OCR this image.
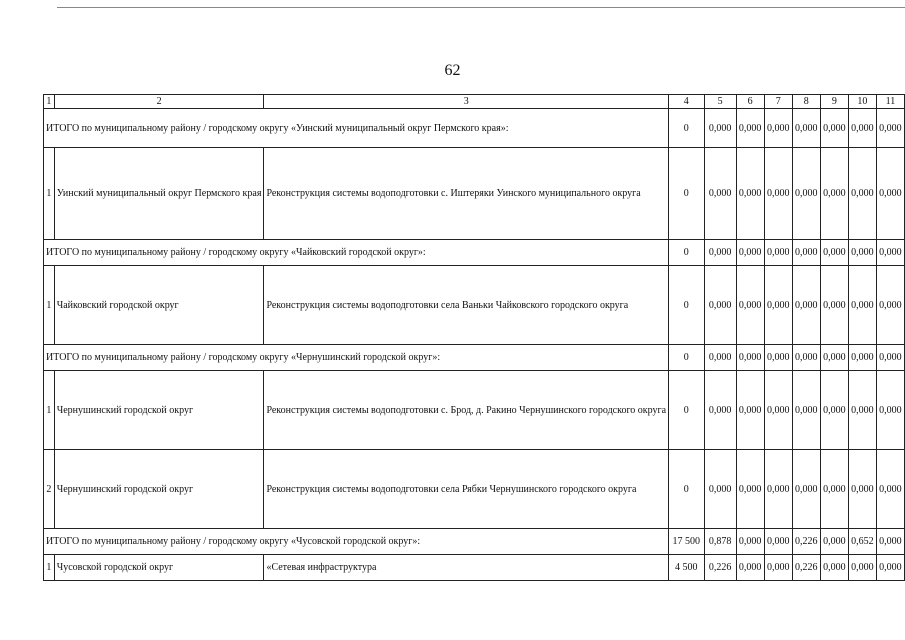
62
1	2	3	4	5	6	7	8	9	10	11
ИТОГО по муниципальному району / городскому округу «Уинский муниципальный округ Пермского края»:			0	0,000	0,000	0,000	0,000	0,000	0,000	0,000
1	Уинский муниципальный округ Пермского края	Реконструкция системы водоподготовки с. Иштеряки Уинского муниципального округа	0	0,000	0,000	0,000	0,000	0,000	0,000	0,000
ИТОГО по муниципальному району / городскому округу «Чайковский городской округ»:			0	0,000	0,000	0,000	0,000	0,000	0,000	0,000
1	Чайковский городской округ	Реконструкция системы водоподготовки села Ваньки Чайковского городского округа	0	0,000	0,000	0,000	0,000	0,000	0,000	0,000
ИТОГО по муниципальному району / городскому округу «Чернушинский городской округ»:			0	0,000	0,000	0,000	0,000	0,000	0,000	0,000
1	Чернушинский городской округ	Реконструкция системы водоподготовки с. Брод, д. Ракино Чернушинского городского округа	0	0,000	0,000	0,000	0,000	0,000	0,000	0,000
2	Чернушинский городской округ	Реконструкция системы водоподготовки села Рябки Чернушинского городского округа	0	0,000	0,000	0,000	0,000	0,000	0,000	0,000
ИТОГО по муниципальному району / городскому округу «Чусовской городской округ»:			17 500	0,878	0,000	0,000	0,226	0,000	0,652	0,000
1	Чусовской городской округ	«Сетевая инфраструктура	4 500	0,226	0,000	0,000	0,226	0,000	0,000	0,000
